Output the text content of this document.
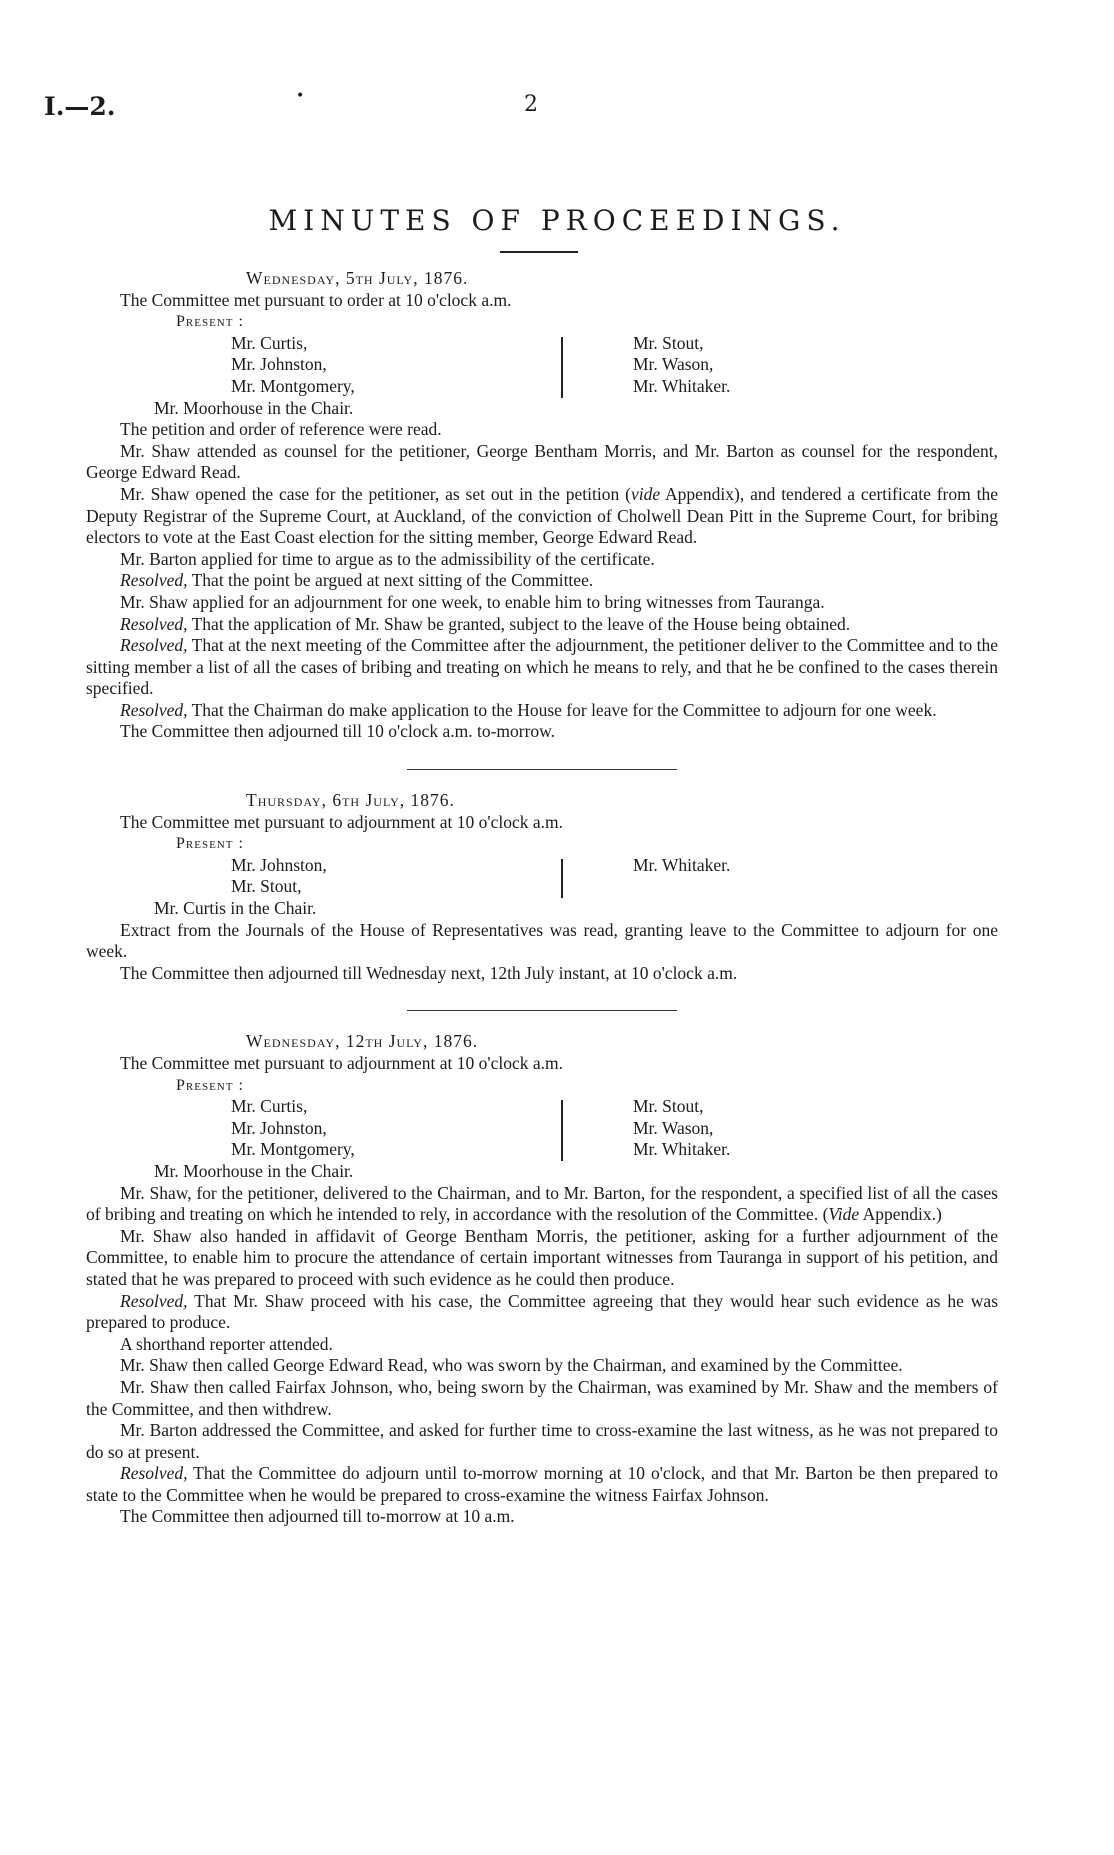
I.—2.	•	2
MINUTES OF PROCEEDINGS.

Wednesday, 5th July, 1876.

The Committee met pursuant to order at 10 o'clock a.m.

Present :

Mr. Curtis,
Mr. Johnston,
Mr. Montgomery,
Mr. Stout,
Mr. Wason,
Mr. Whitaker.

Mr. Moorhouse in the Chair.

The petition and order of reference were read.

Mr. Shaw attended as counsel for the petitioner, George Bentham Morris, and Mr. Barton as counsel for the respondent, George Edward Read.

Mr. Shaw opened the case for the petitioner, as set out in the petition (vide Appendix), and tendered a certificate from the Deputy Registrar of the Supreme Court, at Auckland, of the conviction of Cholwell Dean Pitt in the Supreme Court, for bribing electors to vote at the East Coast election for the sitting member, George Edward Read.

Mr. Barton applied for time to argue as to the admissibility of the certificate.

Resolved, That the point be argued at next sitting of the Committee.

Mr. Shaw applied for an adjournment for one week, to enable him to bring witnesses from Tauranga.

Resolved, That the application of Mr. Shaw be granted, subject to the leave of the House being obtained.

Resolved, That at the next meeting of the Committee after the adjournment, the petitioner deliver to the Committee and to the sitting member a list of all the cases of bribing and treating on which he means to rely, and that he be confined to the cases therein specified.

Resolved, That the Chairman do make application to the House for leave for the Committee to adjourn for one week.

The Committee then adjourned till 10 o'clock a.m. to-morrow.

Thursday, 6th July, 1876.

The Committee met pursuant to adjournment at 10 o'clock a.m.

Present :

Mr. Johnston,
Mr. Stout,
Mr. Whitaker.

Mr. Curtis in the Chair.

Extract from the Journals of the House of Representatives was read, granting leave to the Committee to adjourn for one week.

The Committee then adjourned till Wednesday next, 12th July instant, at 10 o'clock a.m.

Wednesday, 12th July, 1876.

The Committee met pursuant to adjournment at 10 o'clock a.m.

Present :

Mr. Curtis,
Mr. Johnston,
Mr. Montgomery,
Mr. Stout,
Mr. Wason,
Mr. Whitaker.

Mr. Moorhouse in the Chair.

Mr. Shaw, for the petitioner, delivered to the Chairman, and to Mr. Barton, for the respondent, a specified list of all the cases of bribing and treating on which he intended to rely, in accordance with the resolution of the Committee. (Vide Appendix.)

Mr. Shaw also handed in affidavit of George Bentham Morris, the petitioner, asking for a further adjournment of the Committee, to enable him to procure the attendance of certain important witnesses from Tauranga in support of his petition, and stated that he was prepared to proceed with such evidence as he could then produce.

Resolved, That Mr. Shaw proceed with his case, the Committee agreeing that they would hear such evidence as he was prepared to produce.

A shorthand reporter attended.

Mr. Shaw then called George Edward Read, who was sworn by the Chairman, and examined by the Committee.

Mr. Shaw then called Fairfax Johnson, who, being sworn by the Chairman, was examined by Mr. Shaw and the members of the Committee, and then withdrew.

Mr. Barton addressed the Committee, and asked for further time to cross-examine the last witness, as he was not prepared to do so at present.

Resolved, That the Committee do adjourn until to-morrow morning at 10 o'clock, and that Mr. Barton be then prepared to state to the Committee when he would be prepared to cross-examine the witness Fairfax Johnson.

The Committee then adjourned till to-morrow at 10 a.m.
